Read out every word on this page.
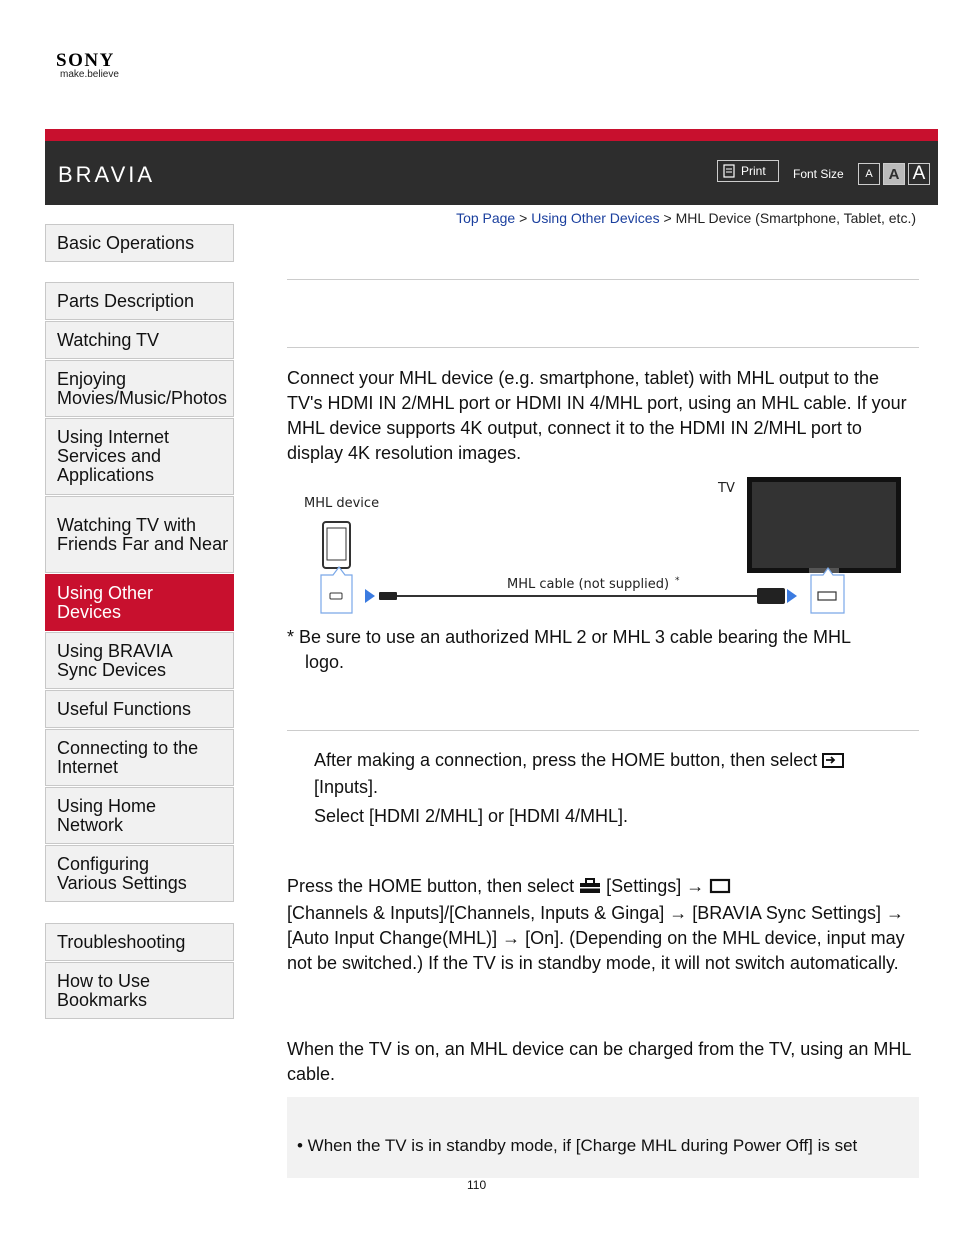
SONY
make.believe
BRAVIA	Print Font Size	A	A A
Top Page > Using Other Devices > MHL Device (Smartphone, Tablet, etc.)
Basic Operations
Parts Description
Watching TV
Enjoying Movies/Music/Photos
Using Internet Services and Applications
Watching TV with Friends Far and Near
Using Other Devices
Using BRAVIA Sync Devices
Useful Functions
Connecting to the Internet
Using Home Network
Configuring Various Settings
Troubleshooting
How to Use Bookmarks
Connect your MHL device (e.g. smartphone, tablet) with MHL output to the TV's HDMI IN 2/MHL port or HDMI IN 4/MHL port, using an MHL cable. If your MHL device supports 4K output, connect it to the HDMI IN 2/MHL port to display 4K resolution images.
MHL device
TV
MHL cable (not supplied) *
* Be sure to use an authorized MHL 2 or MHL 3 cable bearing the MHL
logo.
After making a connection, press the HOME button, then select
[Inputs].
Select [HDMI 2/MHL] or [HDMI 4/MHL].
Press the HOME button, then select [Settings] →
[Channels & Inputs]/[Channels, Inputs & Ginga] → [BRAVIA Sync Settings] → [Auto Input Change(MHL)] → [On]. (Depending on the MHL device, input may not be switched.) If the TV is in standby mode, it will not switch automatically.
When the TV is on, an MHL device can be charged from the TV, using an MHL cable.
• When the TV is in standby mode, if [Charge MHL during Power Off] is set
110
